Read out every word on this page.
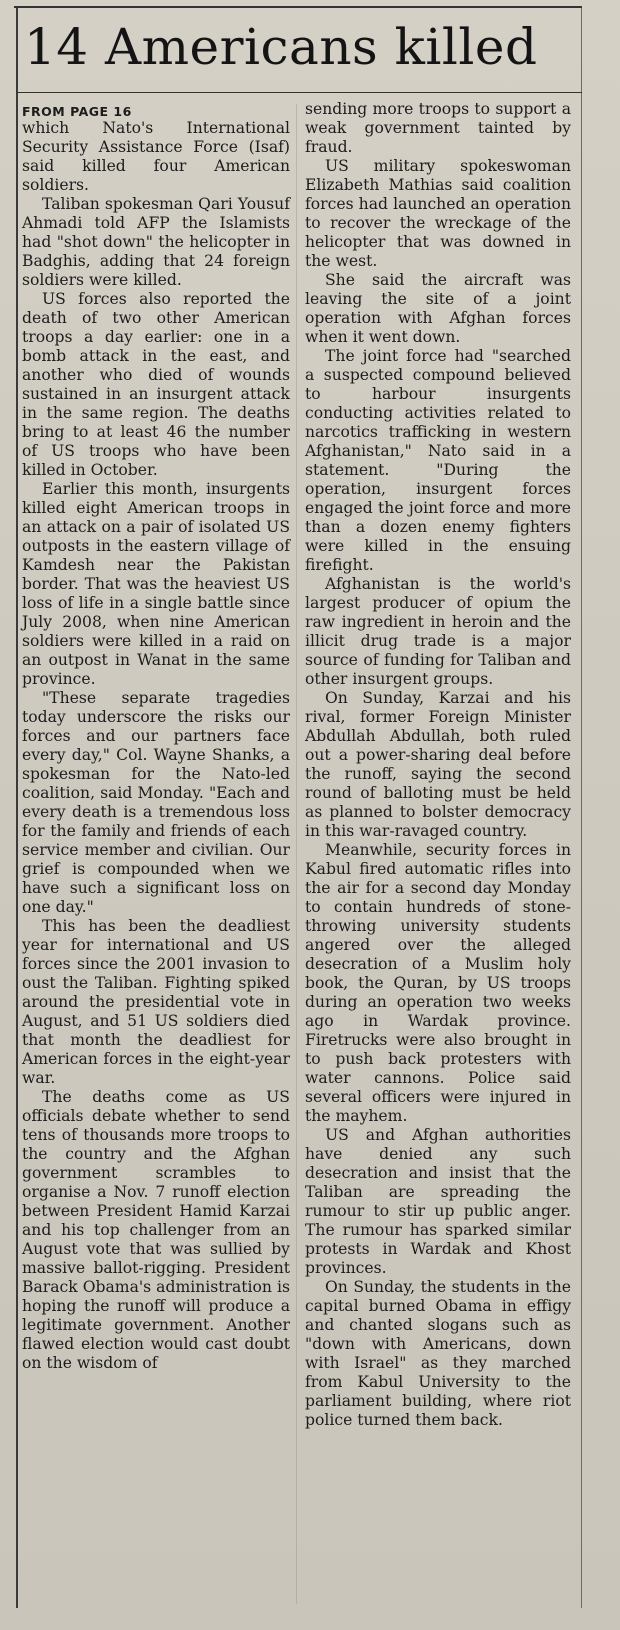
14 Americans killed
FROM PAGE 16

which Nato's International Security Assistance Force (Isaf) said killed four American soldiers.

Taliban spokesman Qari Yousuf Ahmadi told AFP the Islamists had "shot down" the helicopter in Badghis, adding that 24 foreign soldiers were killed.

US forces also reported the death of two other American troops a day earlier: one in a bomb attack in the east, and another who died of wounds sustained in an insurgent attack in the same region. The deaths bring to at least 46 the number of US troops who have been killed in October.

Earlier this month, insurgents killed eight American troops in an attack on a pair of isolated US outposts in the eastern village of Kamdesh near the Pakistan border. That was the heaviest US loss of life in a single battle since July 2008, when nine American soldiers were killed in a raid on an outpost in Wanat in the same province.

"These separate tragedies today underscore the risks our forces and our partners face every day," Col. Wayne Shanks, a spokesman for the Nato-led coalition, said Monday. "Each and every death is a tremendous loss for the family and friends of each service member and civilian. Our grief is compounded when we have such a significant loss on one day."

This has been the deadliest year for international and US forces since the 2001 invasion to oust the Taliban. Fighting spiked around the presidential vote in August, and 51 US soldiers died that month the deadliest for American forces in the eight-year war.

The deaths come as US officials debate whether to send tens of thousands more troops to the country and the Afghan government scrambles to organise a Nov. 7 runoff election between President Hamid Karzai and his top challenger from an August vote that was sullied by massive ballot-rigging. President Barack Obama's administration is hoping the runoff will produce a legitimate government. Another flawed election would cast doubt on the wisdom of

sending more troops to support a weak government tainted by fraud.

US military spokeswoman Elizabeth Mathias said coalition forces had launched an operation to recover the wreckage of the helicopter that was downed in the west.

She said the aircraft was leaving the site of a joint operation with Afghan forces when it went down.

The joint force had "searched a suspected compound believed to harbour insurgents conducting activities related to narcotics trafficking in western Afghanistan," Nato said in a statement. "During the operation, insurgent forces engaged the joint force and more than a dozen enemy fighters were killed in the ensuing firefight.

Afghanistan is the world's largest producer of opium the raw ingredient in heroin and the illicit drug trade is a major source of funding for Taliban and other insurgent groups.

On Sunday, Karzai and his rival, former Foreign Minister Abdullah Abdullah, both ruled out a power-sharing deal before the runoff, saying the second round of balloting must be held as planned to bolster democracy in this war-ravaged country.

Meanwhile, security forces in Kabul fired automatic rifles into the air for a second day Monday to contain hundreds of stone-throwing university students angered over the alleged desecration of a Muslim holy book, the Quran, by US troops during an operation two weeks ago in Wardak province. Firetrucks were also brought in to push back protesters with water cannons. Police said several officers were injured in the mayhem.

US and Afghan authorities have denied any such desecration and insist that the Taliban are spreading the rumour to stir up public anger. The rumour has sparked similar protests in Wardak and Khost provinces.

On Sunday, the students in the capital burned Obama in effigy and chanted slogans such as "down with Americans, down with Israel" as they marched from Kabul University to the parliament building, where riot police turned them back.
